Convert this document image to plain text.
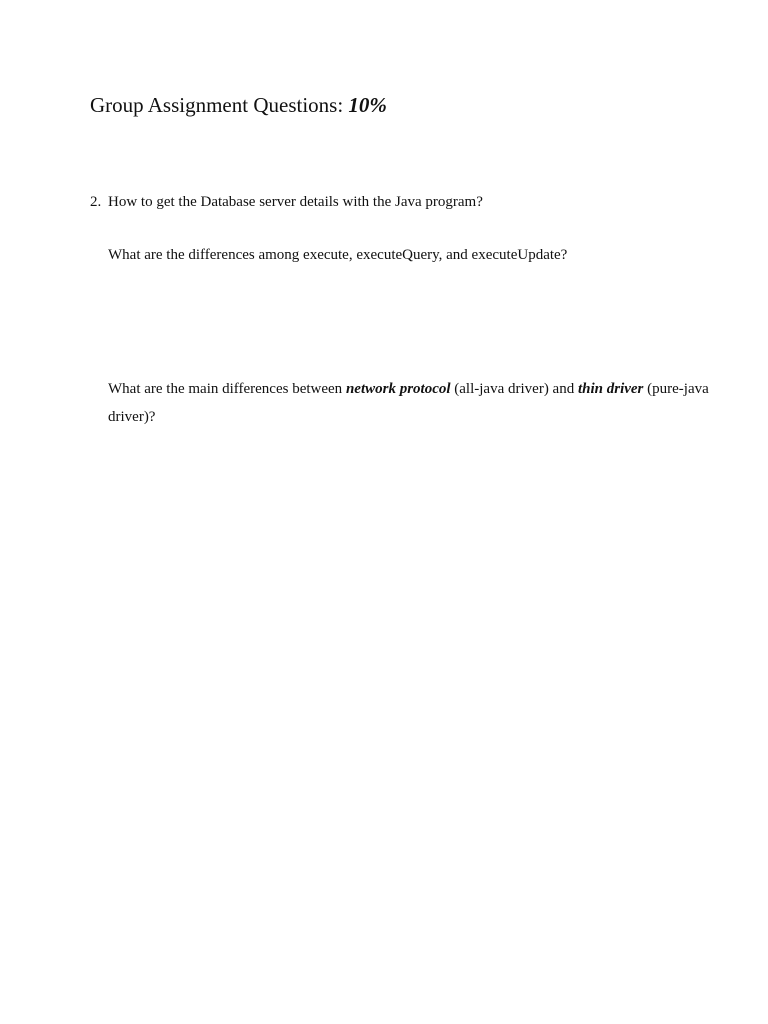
Group Assignment Questions: 10%
2. How to get the Database server details with the Java program?
What are the differences among execute, executeQuery, and executeUpdate?
What are the main differences between network protocol (all-java driver) and thin driver (pure-java driver)?
